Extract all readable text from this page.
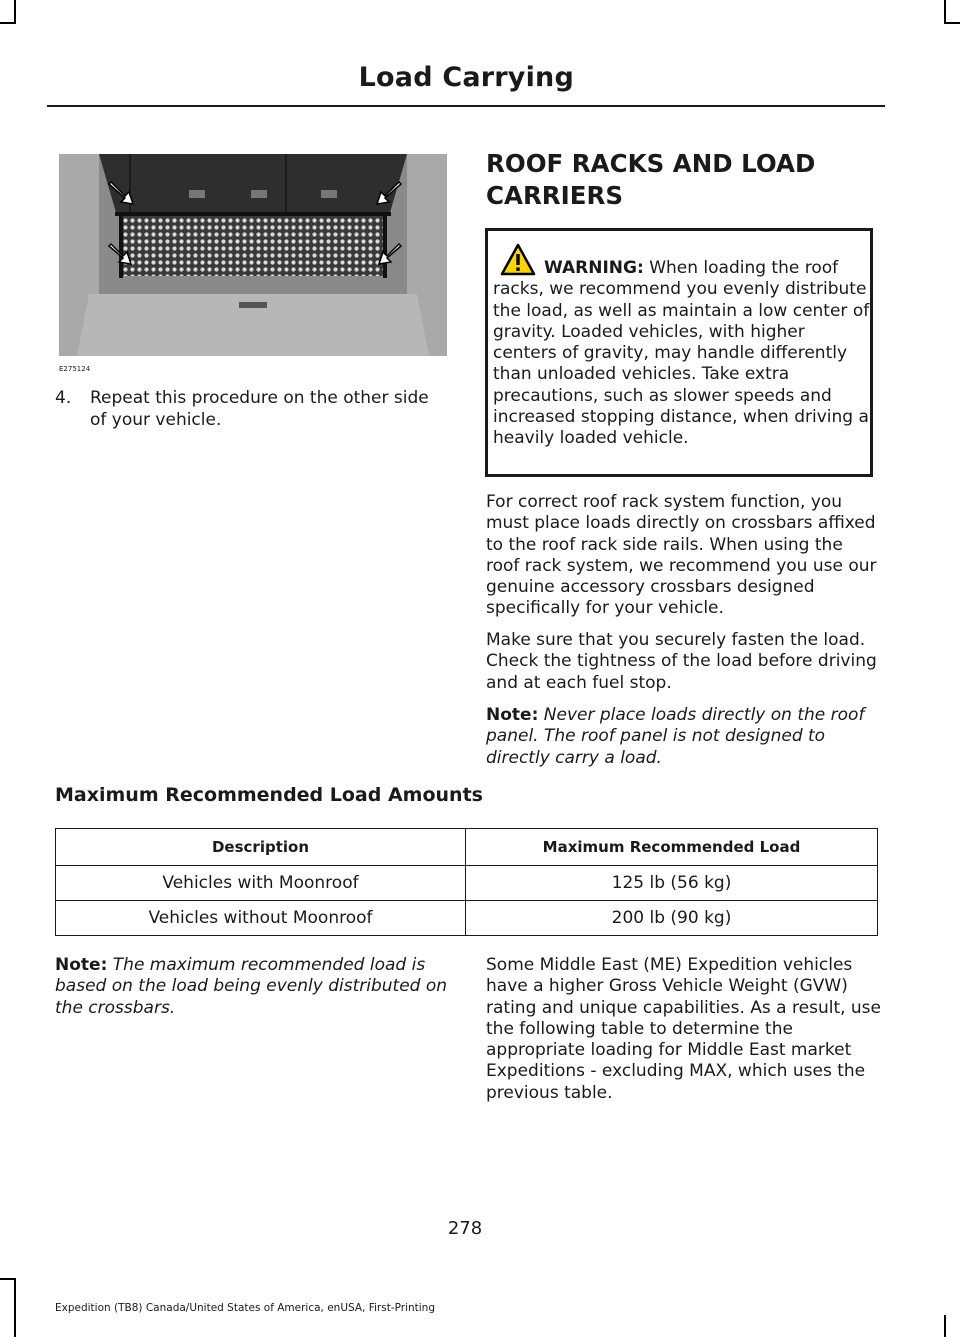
Load Carrying
E275124
4. Repeat this procedure on the other side of your vehicle.
ROOF RACKS AND LOAD CARRIERS
WARNING: When loading the roof racks, we recommend you evenly distribute the load, as well as maintain a low center of gravity. Loaded vehicles, with higher centers of gravity, may handle differently than unloaded vehicles. Take extra precautions, such as slower speeds and increased stopping distance, when driving a heavily loaded vehicle.
For correct roof rack system function, you must place loads directly on crossbars affixed to the roof rack side rails. When using the roof rack system, we recommend you use our genuine accessory crossbars designed specifically for your vehicle.
Make sure that you securely fasten the load. Check the tightness of the load before driving and at each fuel stop.
Note: Never place loads directly on the roof panel. The roof panel is not designed to directly carry a load.
Maximum Recommended Load Amounts
Description	Maximum Recommended Load
Vehicles with Moonroof	125 lb (56 kg)
Vehicles without Moonroof	200 lb (90 kg)
Note: The maximum recommended load is based on the load being evenly distributed on the crossbars.
Some Middle East (ME) Expedition vehicles have a higher Gross Vehicle Weight (GVW) rating and unique capabilities. As a result, use the following table to determine the appropriate loading for Middle East market Expeditions - excluding MAX, which uses the previous table.
278
Expedition (TB8) Canada/United States of America, enUSA, First-Printing
